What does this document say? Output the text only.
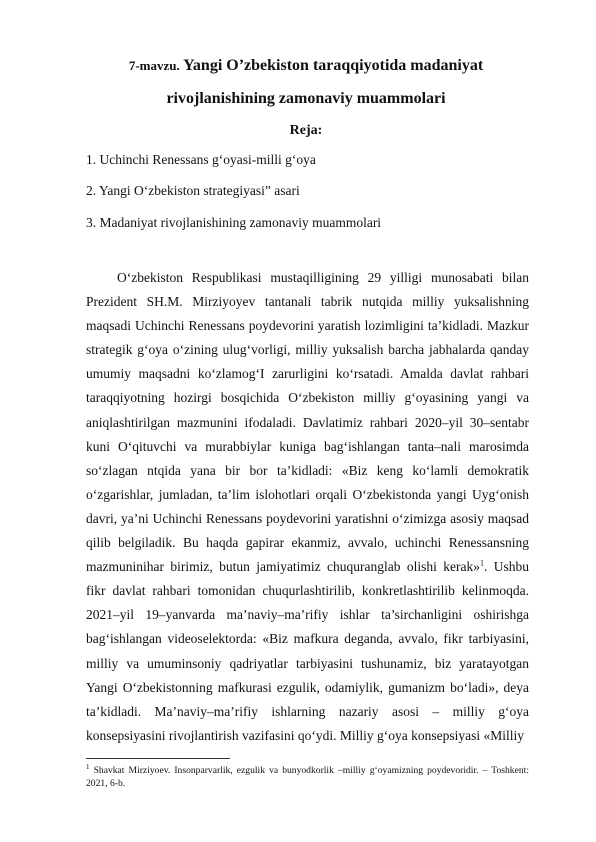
7-mavzu. Yangi O’zbekiston taraqqiyotida madaniyat
rivojlanishining zamonaviy muammolari
Reja:
1. Uchinchi Renessans g‘oyasi-milli g‘oya
2. Yangi O‘zbekiston strategiyasi” asari
3. Madaniyat rivojlanishining zamonaviy muammolari

O‘zbekiston Respublikasi mustaqilligining 29 yilligi munosabati bilan Prezident SH.M. Mirziyoyev tantanali tabrik nutqida milliy yuksalishning maqsadi Uchinchi Renessans poydevorini yaratish lozimligini ta’kidladi. Mazkur strategik g‘oya o‘zining ulug‘vorligi, milliy yuksalish barcha jabhalarda qanday umumiy maqsadni ko‘zlamog‘I zarurligini ko‘rsatadi. Amalda davlat rahbari taraqqiyotning hozirgi bosqichida O‘zbekiston milliy g‘oyasining yangi va aniqlashtirilgan mazmunini ifodaladi. Davlatimiz rahbari 2020–yil 30–sentabr kuni O‘qituvchi va murabbiylar kuniga bag‘ishlangan tanta–nali marosimda so‘zlagan ntqida yana bir bor ta’kidladi: «Biz keng ko‘lamli demokratik o‘zgarishlar, jumladan, ta’lim islohotlari orqali O‘zbekistonda yangi Uyg‘onish davri, ya’ni Uchinchi Renessans poydevorini yaratishni o‘zimizga asosiy maqsad qilib belgiladik. Bu haqda gapirar ekanmiz, avvalo, uchinchi Renessansning mazmuninihar birimiz, butun jamiyatimiz chuquranglab olishi kerak»$^1$. Ushbu fikr davlat rahbari tomonidan chuqurlashtirilib, konkretlashtirilib kelinmoqda. 2021–yil 19–yanvarda ma’naviy–ma’rifiy ishlar ta’sirchanligini oshirishga bag‘ishlangan videoselektorda: «Biz mafkura deganda, avvalo, fikr tarbiyasini, milliy va umuminsoniy qadriyatlar tarbiyasini tushunamiz, biz yaratayotgan Yangi O‘zbekistonning mafkurasi ezgulik, odamiylik, gumanizm bo‘ladi», deya ta’kidladi. Ma’naviy–ma’rifiy ishlarning nazariy asosi – milliy g‘oya konsepsiyasini rivojlantirish vazifasini qo‘ydi. Milliy g‘oya konsepsiyasi «Milliy

$^1$ Shavkat Mirziyoev. Insonparvarlik, ezgulik va bunyodkorlik –milliy g‘oyamizning poydevoridir. – Toshkent: 2021, 6-b.
